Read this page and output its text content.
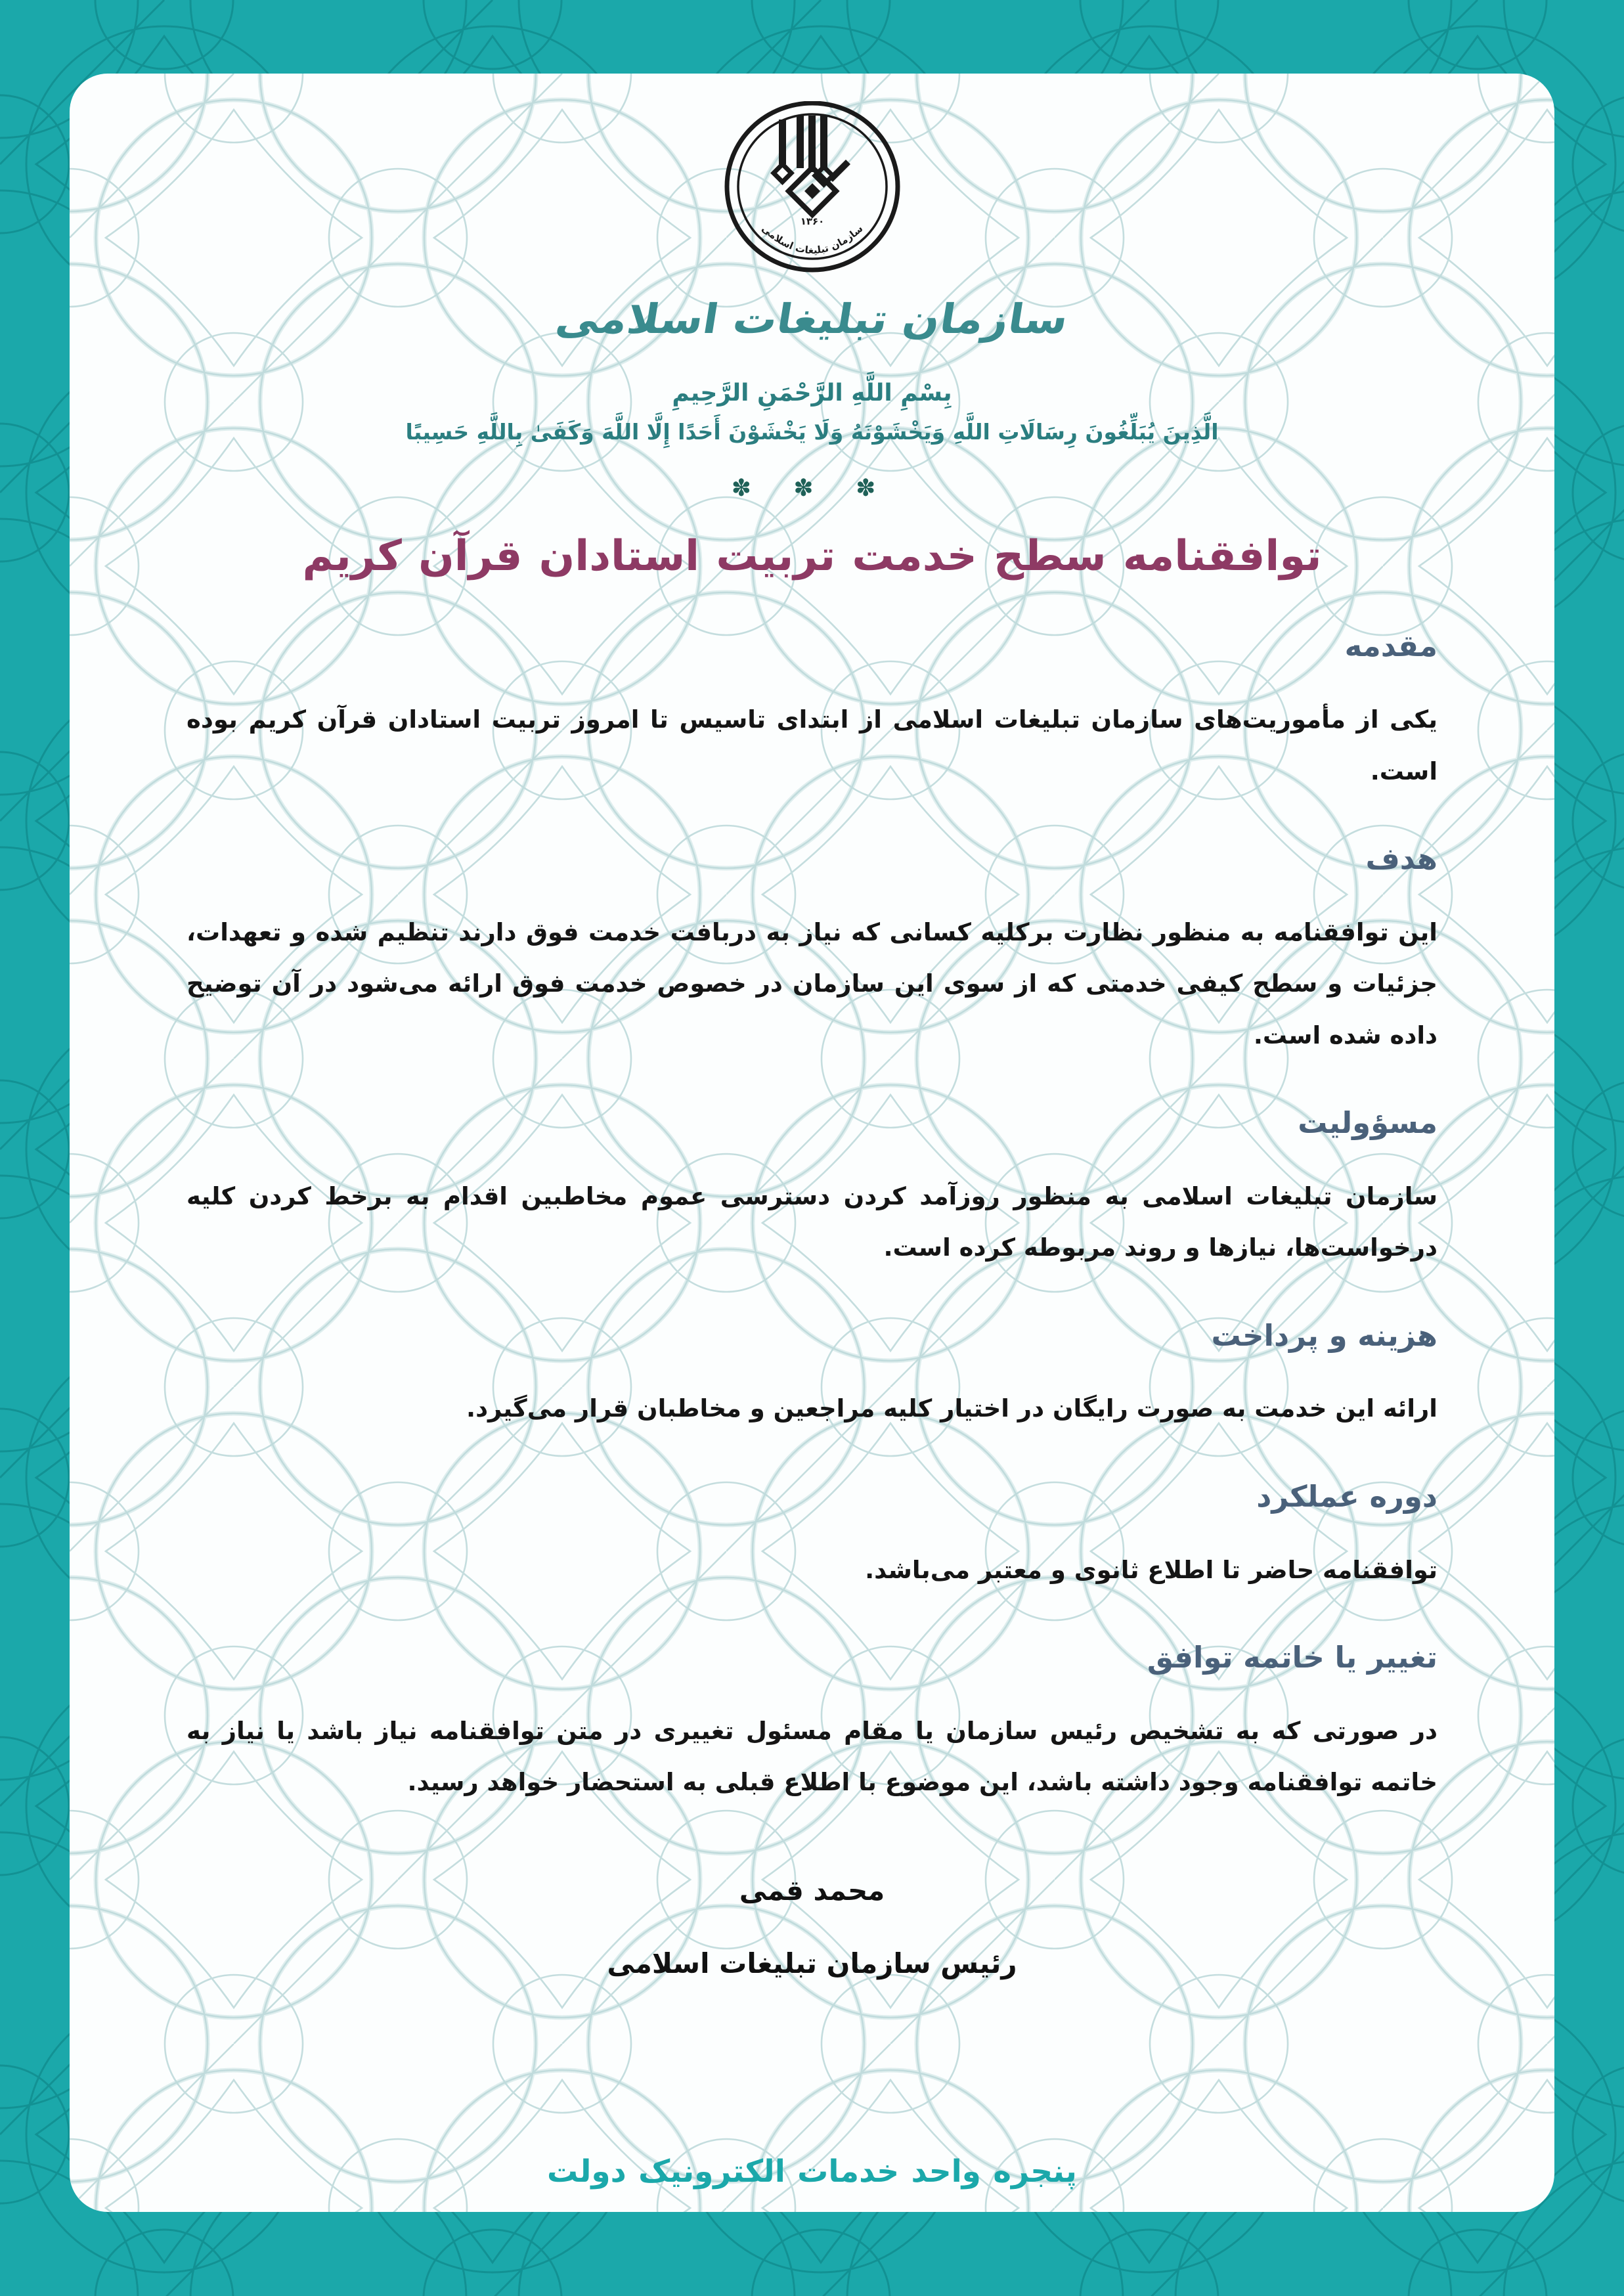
۱۳۶۰
سازمان تبلیغات اسلامی
سازمان تبلیغات اسلامی
بِسْمِ اللَّهِ الرَّحْمَنِ الرَّحِيمِ
الَّذِينَ يُبَلِّغُونَ رِسَالَاتِ اللَّهِ وَيَخْشَوْنَهُ وَلَا يَخْشَوْنَ أَحَدًا إِلَّا اللَّهَ وَكَفَىٰ بِاللَّهِ حَسِيبًا
✽ ✽ ✽
توافقنامه سطح خدمت تربیت استادان قرآن کریم
مقدمه

یکی از مأموریت‌های سازمان تبلیغات اسلامی از ابتدای تاسیس تا امروز تربیت استادان قرآن کریم بوده است.

هدف

این توافقنامه به منظور نظارت برکلیه کسانی که نیاز به دربافت خدمت فوق دارند تنظیم شده و تعهدات، جزئیات و سطح کیفی خدمتی که از سوی این سازمان در خصوص خدمت فوق ارائه می‌شود در آن توضیح داده شده است.

مسؤولیت

سازمان تبلیغات اسلامی به منظور روزآمد کردن دسترسی عموم مخاطبین اقدام به برخط کردن کلیه درخواست‌ها، نیازها و روند مربوطه کرده است.

هزینه و پرداخت

ارائه این خدمت به صورت رایگان در اختیار کلیه مراجعین و مخاطبان قرار می‌گیرد.

دوره عملکرد

توافقنامه حاضر تا اطلاع ثانوی و معتبر می‌باشد.

تغییر یا خاتمه توافق

در صورتی که به تشخیص رئیس سازمان یا مقام مسئول تغییری در متن توافقنامه نیاز باشد یا نیاز به خاتمه توافقنامه وجود داشته باشد، این موضوع با اطلاع قبلی به استحضار خواهد رسید.

محمد قمی
رئیس سازمان تبلیغات اسلامی
پنجره واحد خدمات الکترونیک دولت
